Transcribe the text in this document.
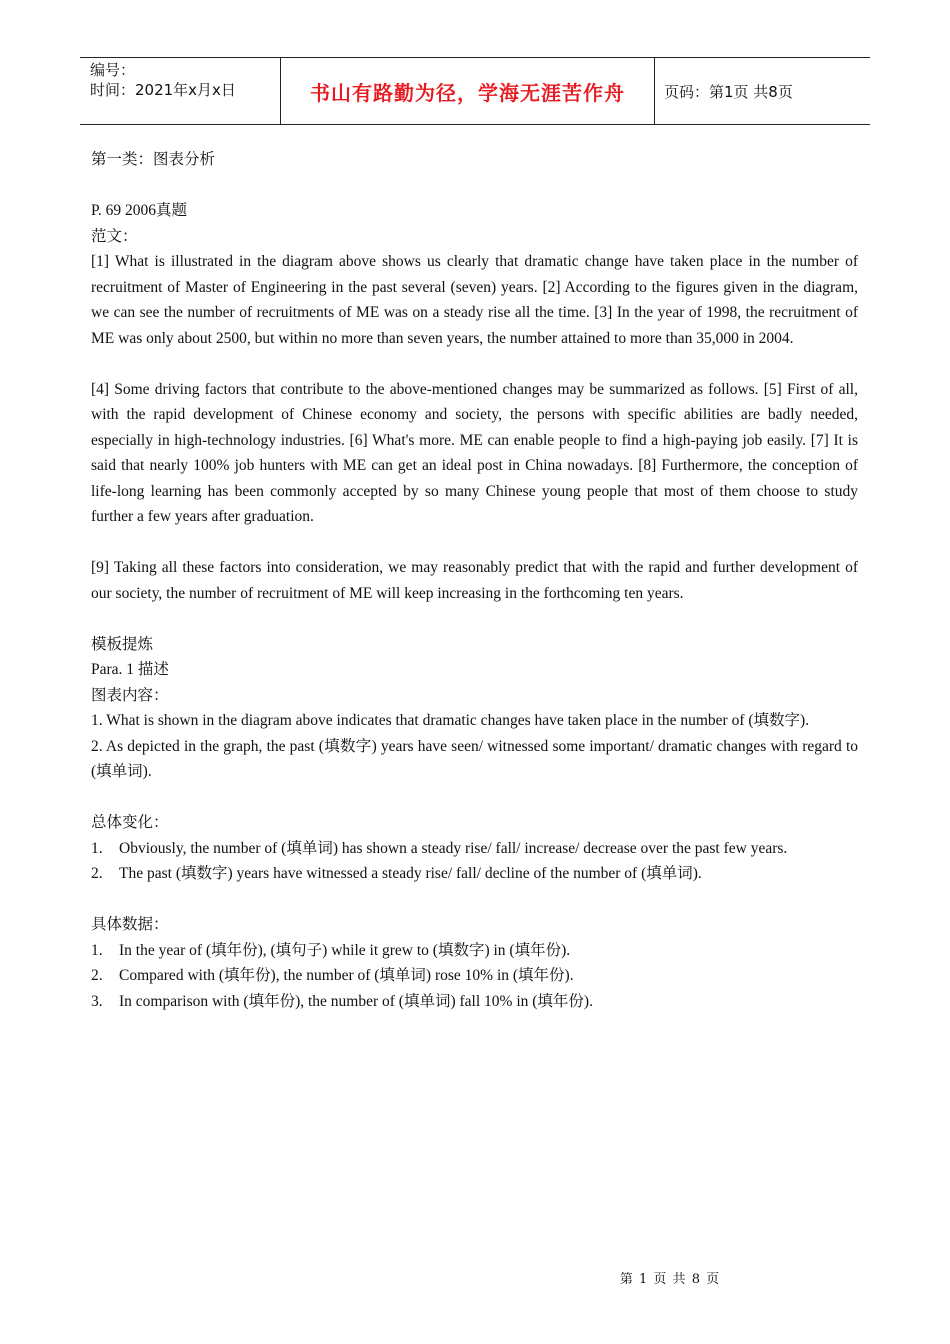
编号：
时间：2021年x月x日	书山有路勤为径，学海无涯苦作舟	页码：第1页 共8页

第一类：图表分析

P. 69 2006真题

范文：

[1] What is illustrated in the diagram above shows us clearly that dramatic change have taken place in the number of recruitment of Master of Engineering in the past several (seven) years. [2] According to the figures given in the diagram, we can see the number of recruitments of ME was on a steady rise all the time. [3] In the year of 1998, the recruitment of ME was only about 2500, but within no more than seven years, the number attained to more than 35,000 in 2004.

[4] Some driving factors that contribute to the above-mentioned changes may be summarized as follows. [5] First of all, with the rapid development of Chinese economy and society, the persons with specific abilities are badly needed, especially in high-technology industries. [6] What's more. ME can enable people to find a high-paying job easily. [7] It is said that nearly 100% job hunters with ME can get an ideal post in China nowadays. [8] Furthermore, the conception of life-long learning has been commonly accepted by so many Chinese young people that most of them choose to study further a few years after graduation.

[9] Taking all these factors into consideration, we may reasonably predict that with the rapid and further development of our society, the number of recruitment of ME will keep increasing in the forthcoming ten years.

模板提炼

Para. 1 描述

图表内容：

1. What is shown in the diagram above indicates that dramatic changes have taken place in the number of (填数字).

2. As depicted in the graph, the past (填数字) years have seen/ witnessed some important/ dramatic changes with regard to (填单词).

总体变化：

1.	Obviously, the number of (填单词) has shown a steady rise/ fall/ increase/ decrease over the past few years.
2.	The past (填数字) years have witnessed a steady rise/ fall/ decline of the number of (填单词).

具体数据：

1.	In the year of (填年份), (填句子) while it grew to (填数字) in (填年份).
2.	Compared with (填年份), the number of (填单词) rose 10% in (填年份).
3.	In comparison with (填年份), the number of (填单词) fall 10% in (填年份).
第 1 页 共 8 页
